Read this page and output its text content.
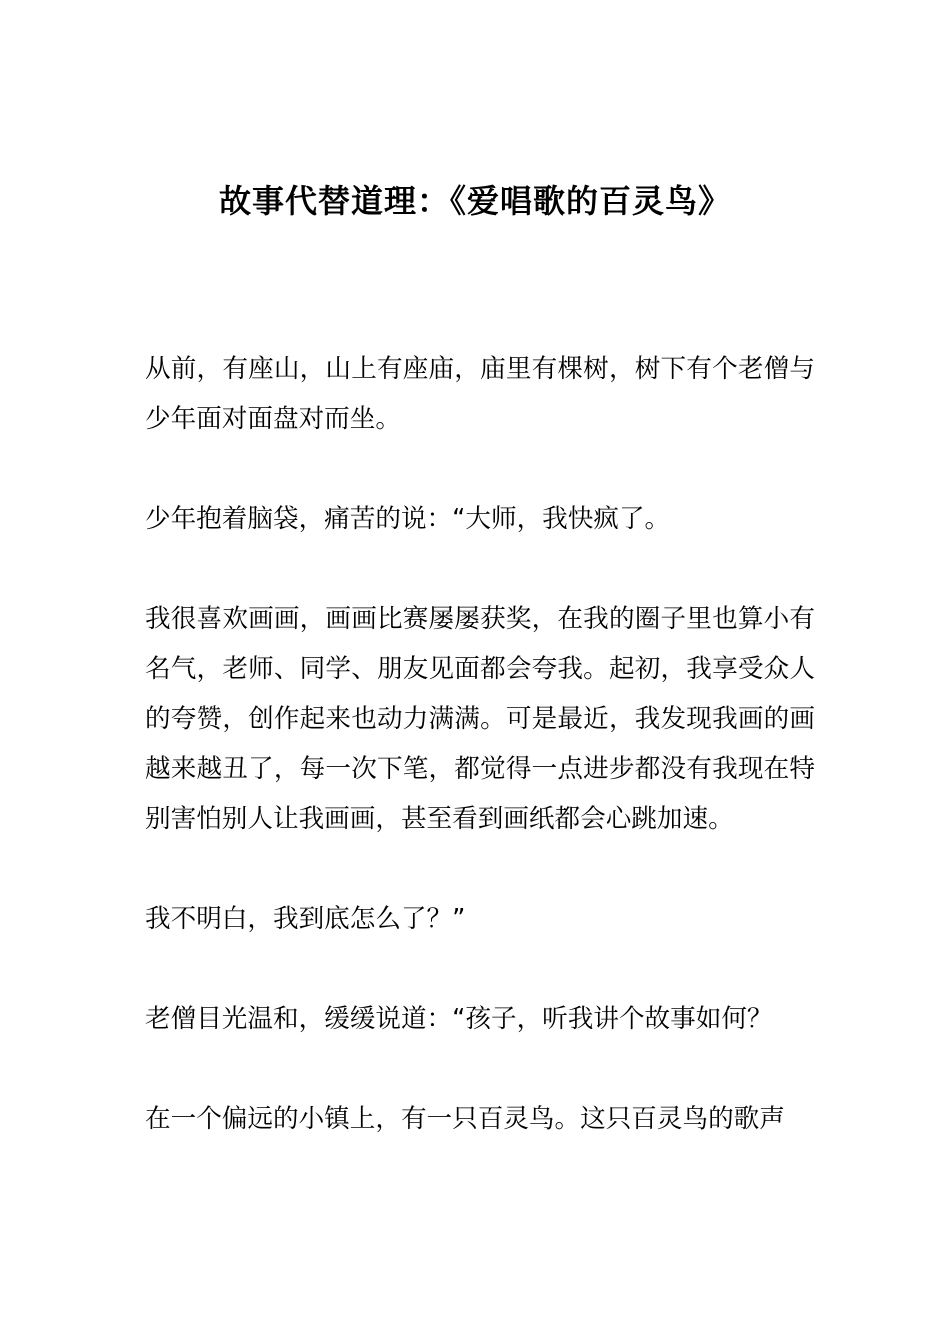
故事代替道理：《爱唱歌的百灵鸟》

从前，有座山，山上有座庙，庙里有棵树，树下有个老僧与少年面对面盘对而坐。

少年抱着脑袋，痛苦的说：“大师，我快疯了。

我很喜欢画画，画画比赛屡屡获奖，在我的圈子里也算小有名气，老师、同学、朋友见面都会夸我。起初，我享受众人的夸赞，创作起来也动力满满。可是最近，我发现我画的画越来越丑了，每一次下笔，都觉得一点进步都没有我现在特别害怕别人让我画画，甚至看到画纸都会心跳加速。

我不明白，我到底怎么了？”

老僧目光温和，缓缓说道：“孩子，听我讲个故事如何？

在一个偏远的小镇上，有一只百灵鸟。这只百灵鸟的歌声
